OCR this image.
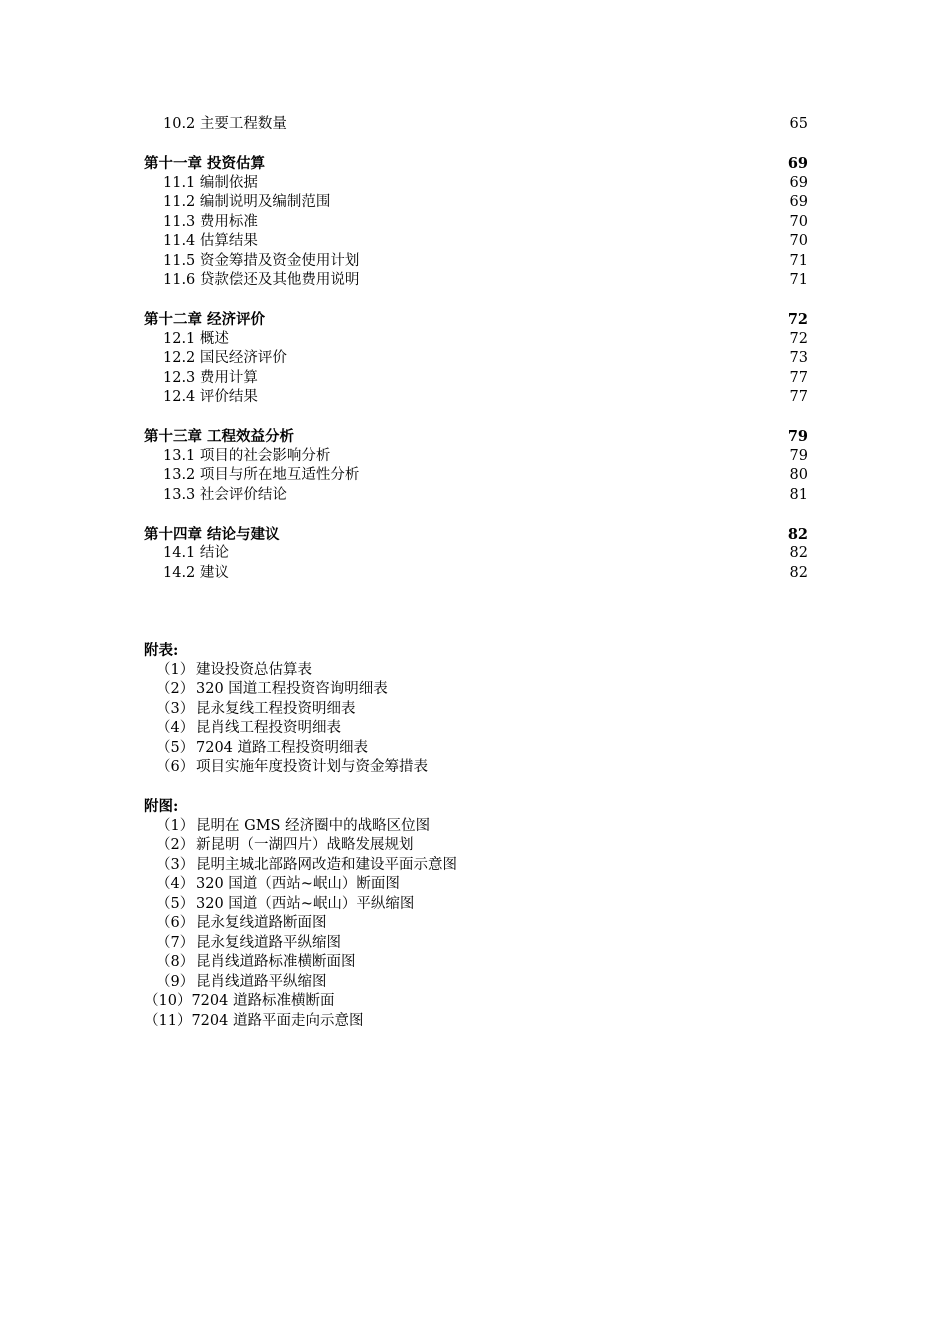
10.2 主要工程数量	65
第十一章 投资估算	69
11.1 编制依据	69
11.2 编制说明及编制范围	69
11.3 费用标准	70
11.4 估算结果	70
11.5 资金筹措及资金使用计划	71
11.6 贷款偿还及其他费用说明	71
第十二章 经济评价	72
12.1 概述	72
12.2 国民经济评价	73
12.3 费用计算	77
12.4 评价结果	77
第十三章 工程效益分析	79
13.1 项目的社会影响分析	79
13.2 项目与所在地互适性分析	80
13.3 社会评价结论	81
第十四章 结论与建议	82
14.1 结论	82
14.2 建议	82
附表:
（1） 建设投资总估算表
（2） 320 国道工程投资咨询明细表
（3） 昆永复线工程投资明细表
（4） 昆肖线工程投资明细表
（5） 7204 道路工程投资明细表
（6） 项目实施年度投资计划与资金筹措表
附图:
（1） 昆明在 GMS 经济圈中的战略区位图
（2） 新昆明（一湖四片）战略发展规划
（3） 昆明主城北部路网改造和建设平面示意图
（4） 320 国道（西站~岷山）断面图
（5） 320 国道（西站~岷山）平纵缩图
（6） 昆永复线道路断面图
（7） 昆永复线道路平纵缩图
（8） 昆肖线道路标准横断面图
（9） 昆肖线道路平纵缩图
（10）7204 道路标准横断面
（11）7204 道路平面走向示意图
